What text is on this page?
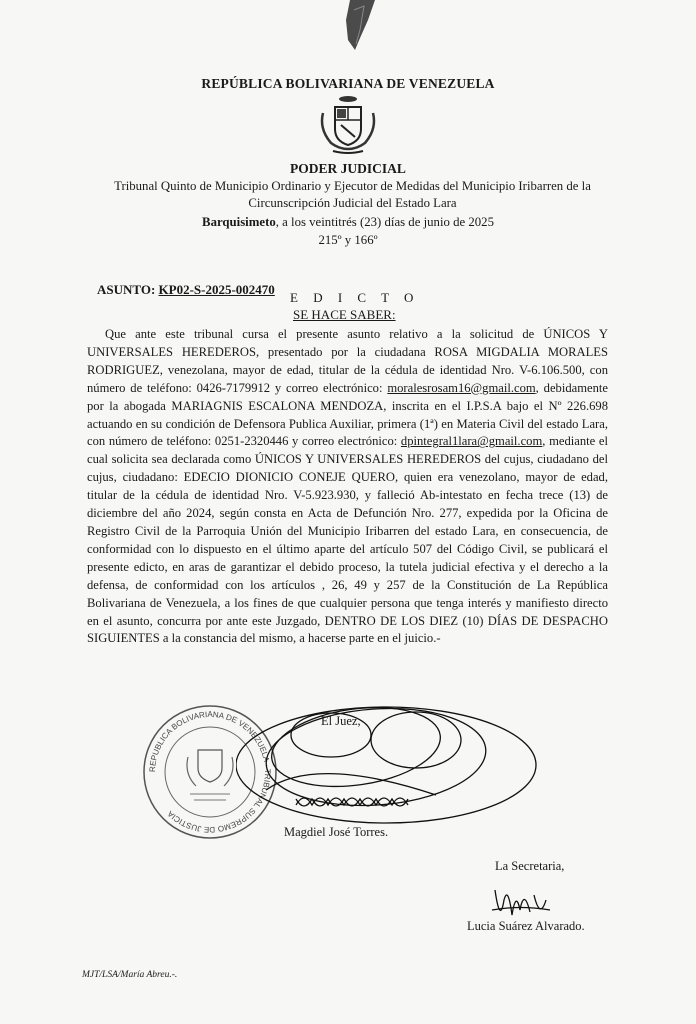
REPÚBLICA BOLIVARIANA DE VENEZUELA
PODER JUDICIAL
Tribunal Quinto de Municipio Ordinario y Ejecutor de Medidas del Municipio Iribarren de la Circunscripción Judicial del Estado Lara
Barquisimeto, a los veintitrés (23) días de junio de 2025
215º y 166º
ASUNTO: KP02-S-2025-002470
E D I C T O
SE HACE SABER:
Que ante este tribunal cursa el presente asunto relativo a la solicitud de ÚNICOS Y UNIVERSALES HEREDEROS, presentado por la ciudadana ROSA MIGDALIA MORALES RODRIGUEZ, venezolana, mayor de edad, titular de la cédula de identidad Nro. V-6.106.500, con número de teléfono: 0426-7179912 y correo electrónico: moralesrosam16@gmail.com, debidamente por la abogada MARIAGNIS ESCALONA MENDOZA, inscrita en el I.P.S.A bajo el Nº 226.698 actuando en su condición de Defensora Publica Auxiliar, primera (1ª) en Materia Civil del estado Lara, con número de teléfono: 0251-2320446 y correo electrónico: dpintegral1lara@gmail.com, mediante el cual solicita sea declarada como ÚNICOS Y UNIVERSALES HEREDEROS del cujus, ciudadano del cujus, ciudadano: EDECIO DIONICIO CONEJE QUERO, quien era venezolano, mayor de edad, titular de la cédula de identidad Nro. V-5.923.930, y falleció Ab-intestato en fecha trece (13) de diciembre del año 2024, según consta en Acta de Defunción Nro. 277, expedida por la Oficina de Registro Civil de la Parroquia Unión del Municipio Iribarren del estado Lara, en consecuencia, de conformidad con lo dispuesto en el último aparte del artículo 507 del Código Civil, se publicará el presente edicto, en aras de garantizar el debido proceso, la tutela judicial efectiva y el derecho a la defensa, de conformidad con los artículos , 26, 49 y 257 de la Constitución de La República Bolivariana de Venezuela, a los fines de que cualquier persona que tenga interés y manifiesto directo en el asunto, concurra por ante este Juzgado, DENTRO DE LOS DIEZ (10) DÍAS DE DESPACHO SIGUIENTES a la constancia del mismo, a hacerse parte en el juicio.-
REPUBLICA BOLIVARIANA DE VENEZUELA · TRIBUNAL SUPREMO DE JUSTICIA
El Juez,
Magdiel José Torres.
La Secretaria,
Lucia Suárez Alvarado.
MJT/LSA/María Abreu.-.
